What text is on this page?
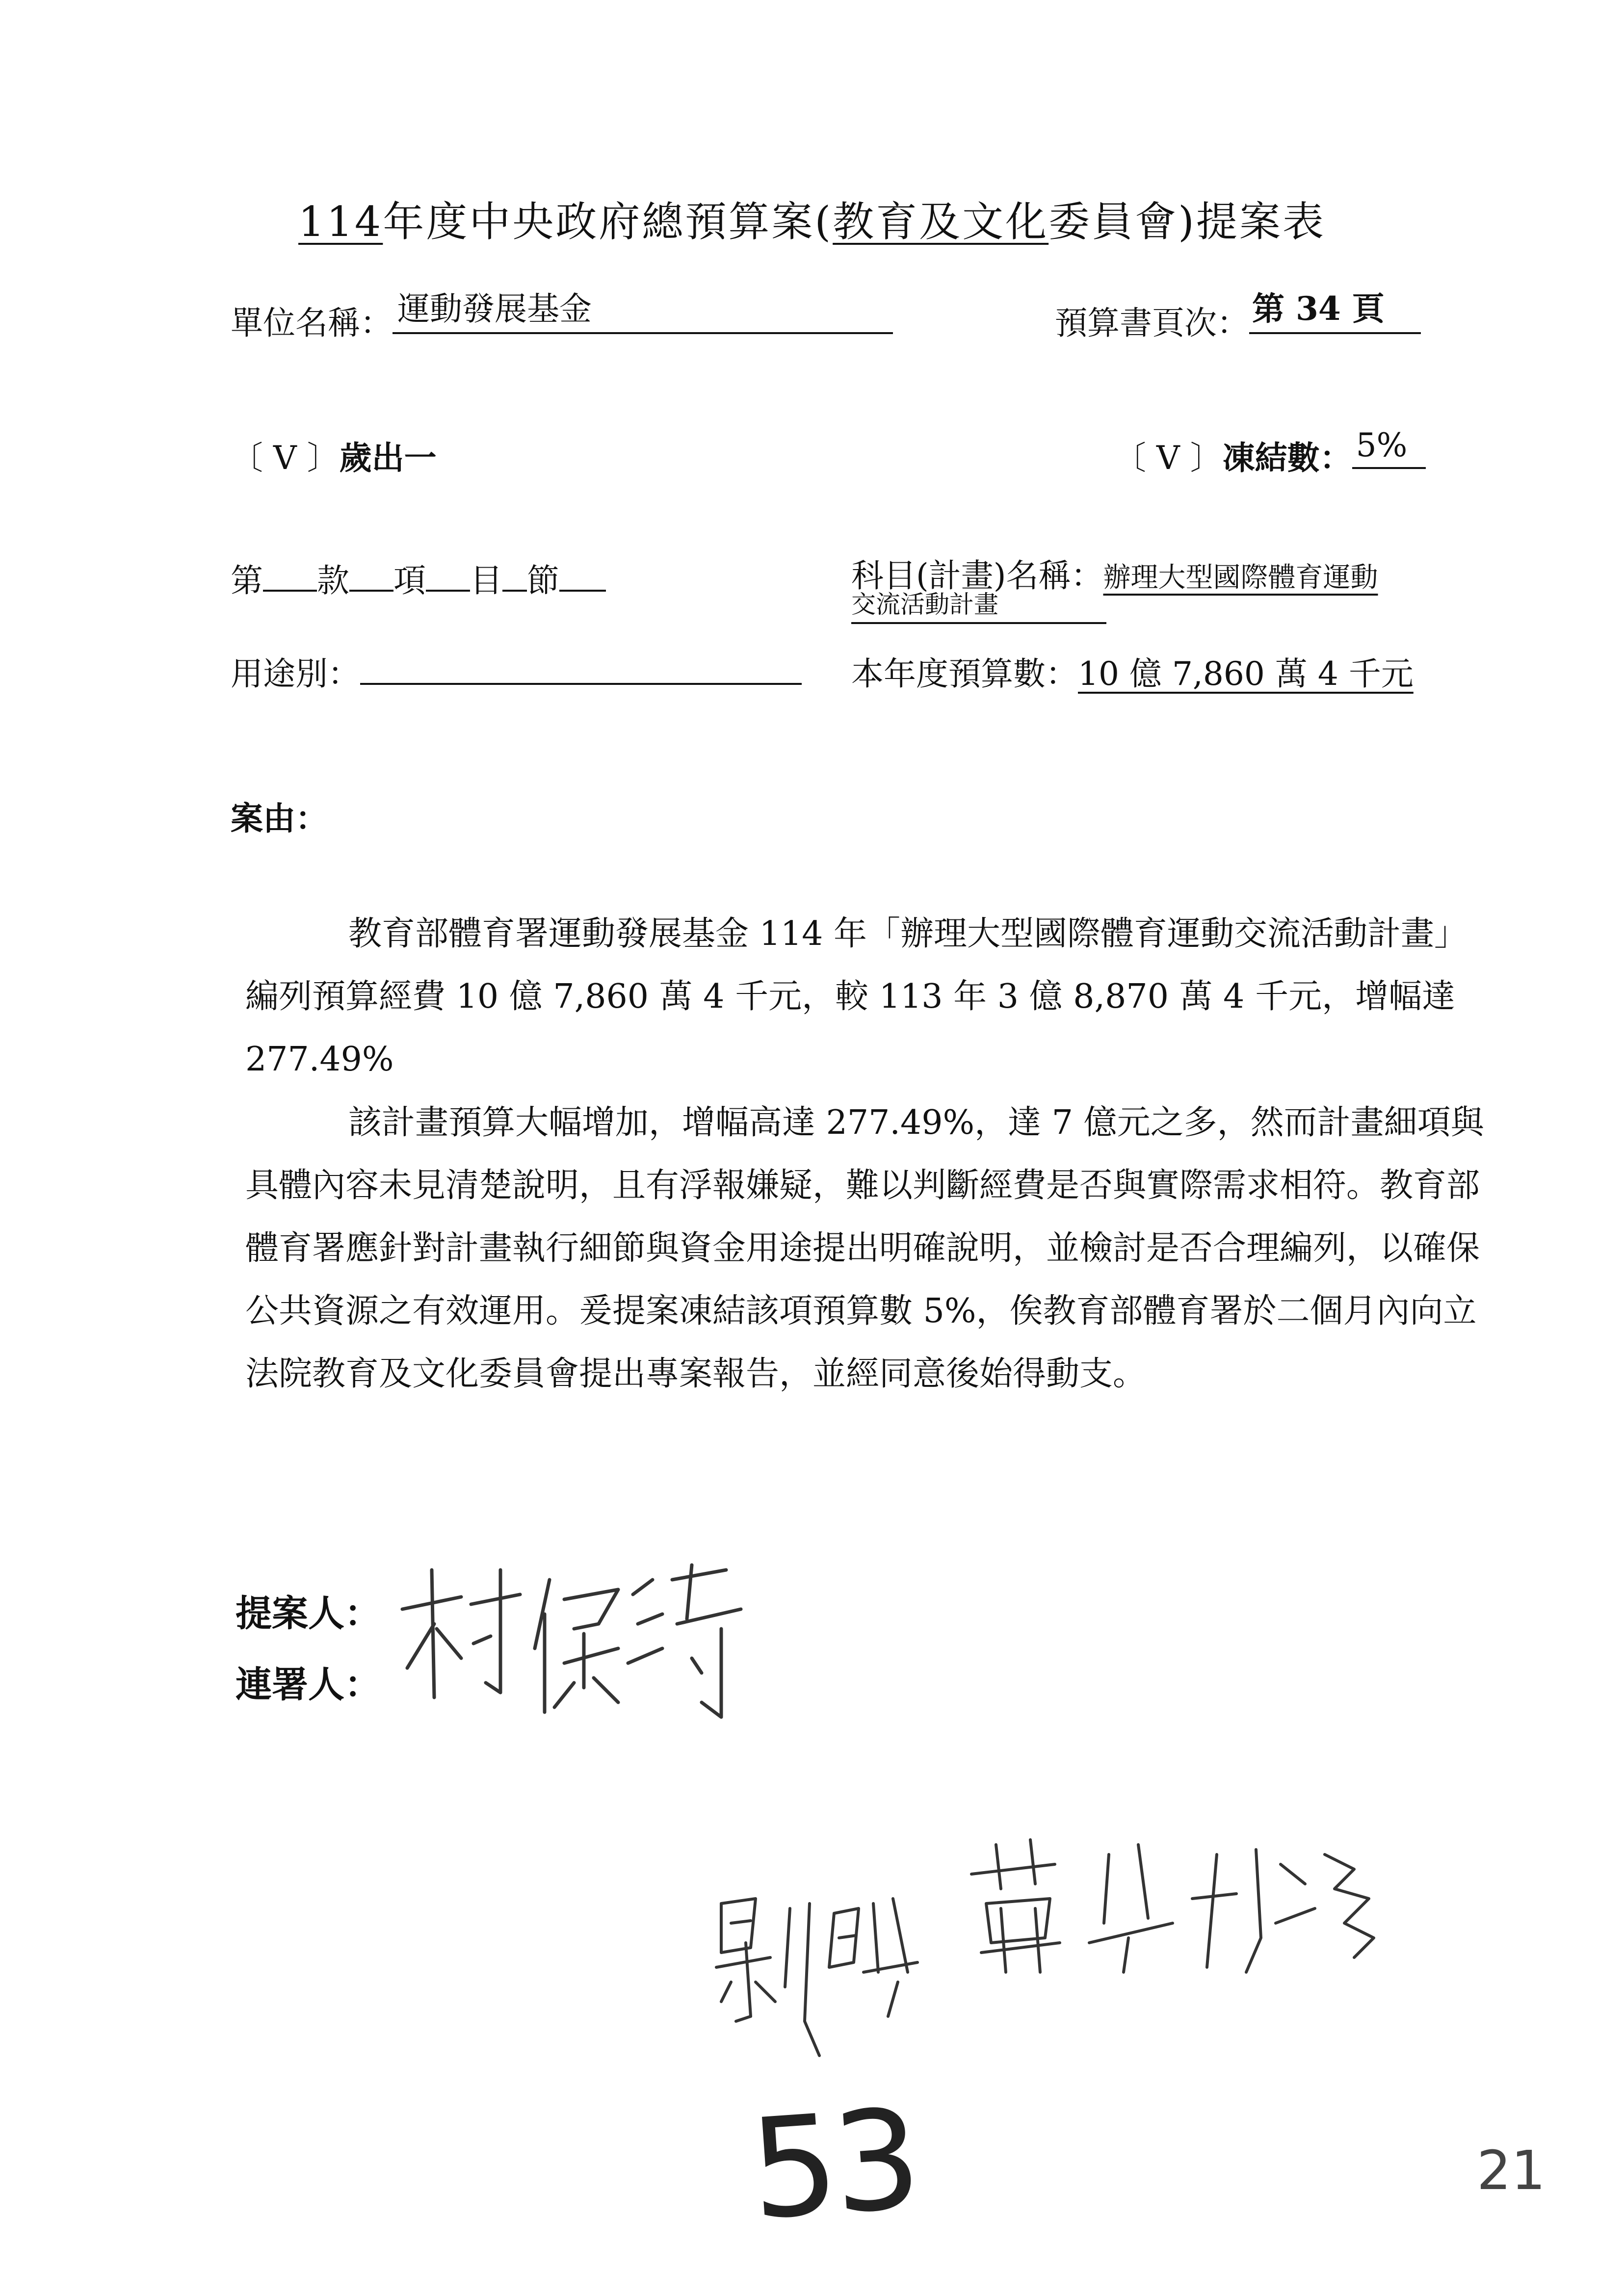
114年度中央政府總預算案(教育及文化委員會)提案表
單位名稱： 運動發展基金	預算書頁次： 第 34 頁
〔 V 〕歲出一	〔 V 〕凍結數： 5%
第 款 項 目 節	科目(計畫)名稱：辦理大型國際體育運動
交流活動計畫
用途別：	本年度預算數：10 億 7,860 萬 4 千元
案由：
教育部體育署運動發展基金 114 年「辦理大型國際體育運動交流活動計畫」編列預算經費 10 億 7,860 萬 4 千元，較 113 年 3 億 8,870 萬 4 千元，增幅達 277.49%
該計畫預算大幅增加，增幅高達 277.49%，達 7 億元之多，然而計畫細項與具體內容未見清楚說明，且有浮報嫌疑，難以判斷經費是否與實際需求相符。教育部體育署應針對計畫執行細節與資金用途提出明確說明，並檢討是否合理編列，以確保公共資源之有效運用。爰提案凍結該項預算數 5%，俟教育部體育署於二個月內向立法院教育及文化委員會提出專案報告，並經同意後始得動支。
提案人：
連署人：
53	21
